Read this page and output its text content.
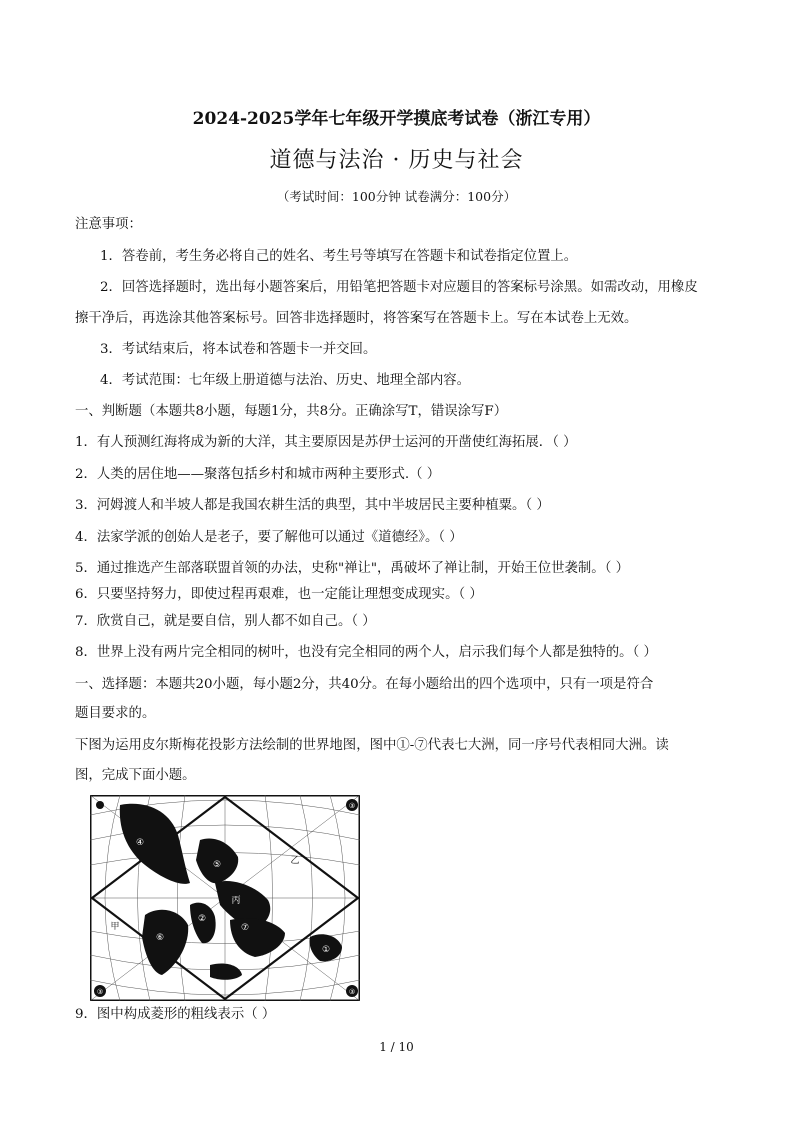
2024-2025学年七年级开学摸底考试卷（浙江专用）
道德与法治 · 历史与社会
（考试时间：100分钟 试卷满分：100分）
注意事项：
1．答卷前，考生务必将自己的姓名、考生号等填写在答题卡和试卷指定位置上。
2．回答选择题时，选出每小题答案后，用铅笔把答题卡对应题目的答案标号涂黑。如需改动，用橡皮
擦干净后，再选涂其他答案标号。回答非选择题时，将答案写在答题卡上。写在本试卷上无效。
3．考试结束后，将本试卷和答题卡一并交回。
4．考试范围：七年级上册道德与法治、历史、地理全部内容。
一、判断题（本题共8小题，每题1分，共8分。正确涂写T，错误涂写F）
1．有人预测红海将成为新的大洋，其主要原因是苏伊士运河的开凿使红海拓展．（ ）
2．人类的居住地——聚落包括乡村和城市两种主要形式.（ ）
3．河姆渡人和半坡人都是我国农耕生活的典型，其中半坡居民主要种植粟。（ ）
4．法家学派的创始人是老子，要了解他可以通过《道德经》。（ ）
5．通过推选产生部落联盟首领的办法，史称"禅让"，禹破坏了禅让制，开始王位世袭制。（ ）
6．只要坚持努力，即使过程再艰难，也一定能让理想变成现实。（ ）
7．欣赏自己，就是要自信，别人都不如自己。（ ）
8．世界上没有两片完全相同的树叶，也没有完全相同的两个人，启示我们每个人都是独特的。（ ）
一、选择题：本题共20小题，每小题2分，共40分。在每小题给出的四个选项中，只有一项是符合
题目要求的。
下图为运用皮尔斯梅花投影方法绘制的世界地图，图中①-⑦代表七大洲，同一序号代表相同大洲。读
图，完成下面小题。
④
⑤
②
⑥
⑦
①
③
③
③
甲
乙
丙
丁
9．图中构成菱形的粗线表示（ ）
1 / 10
